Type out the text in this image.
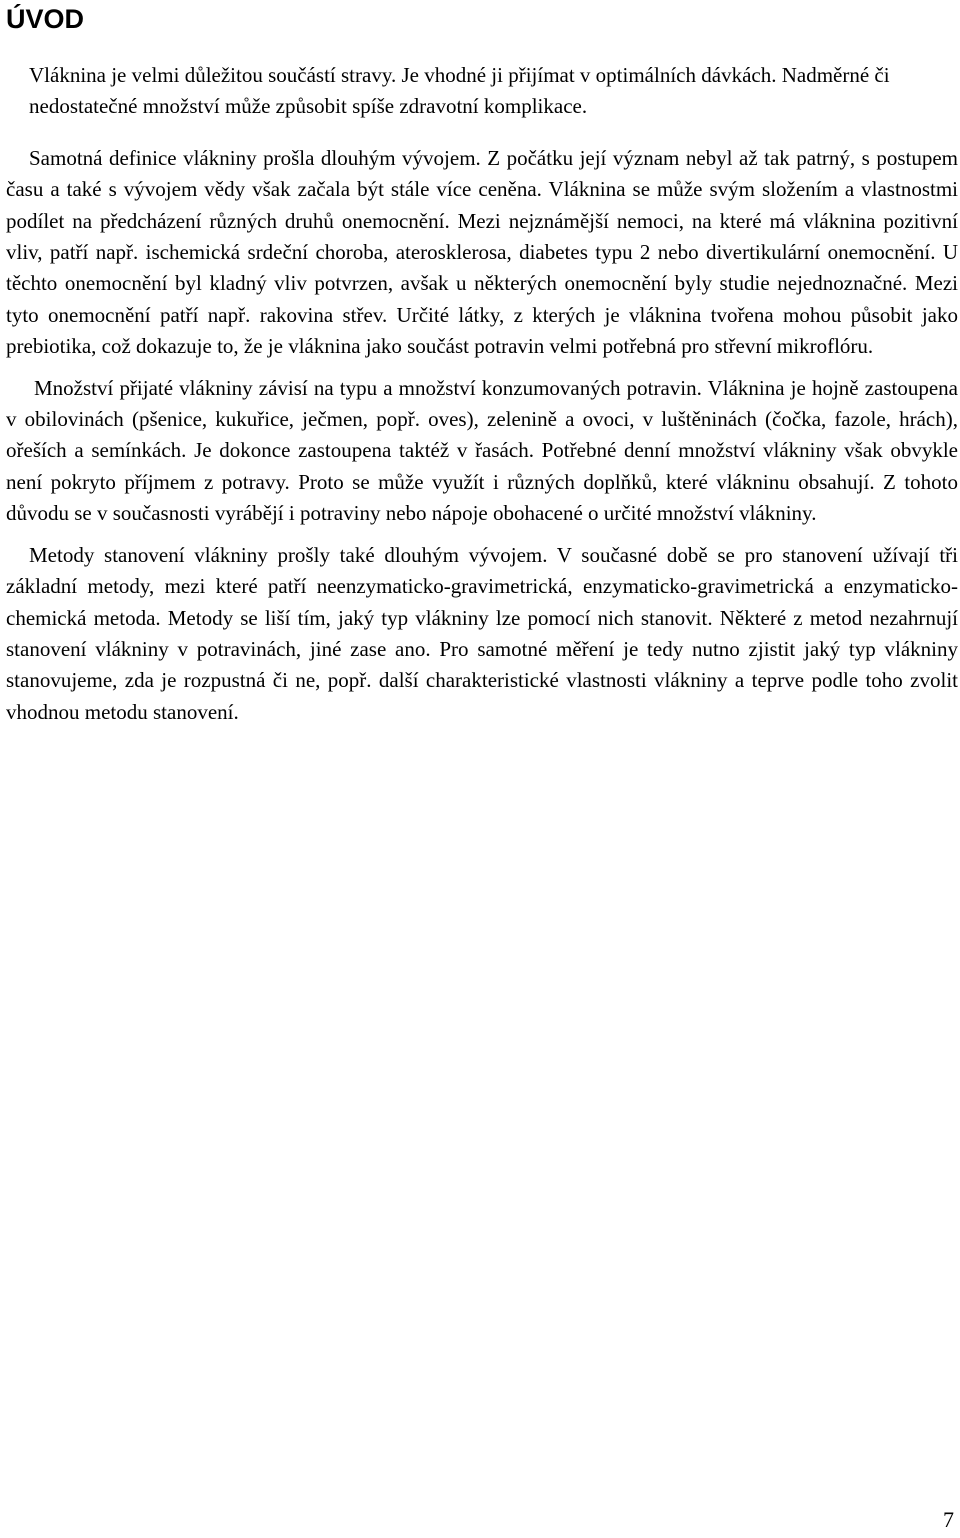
ÚVOD

Vláknina je velmi důležitou součástí stravy. Je vhodné ji přijímat v optimálních dávkách. Nadměrné či nedostatečné množství může způsobit spíše zdravotní komplikace.

Samotná definice vlákniny prošla dlouhým vývojem. Z počátku její význam nebyl až tak patrný, s postupem času a také s vývojem vědy však začala být stále více ceněna. Vláknina se může svým složením a vlastnostmi podílet na předcházení různých druhů onemocnění. Mezi nejznámější nemoci, na které má vláknina pozitivní vliv, patří např. ischemická srdeční choroba, aterosklerosa, diabetes typu 2 nebo divertikulární onemocnění. U těchto onemocnění byl kladný vliv potvrzen, avšak u některých onemocnění byly studie nejednoznačné. Mezi tyto onemocnění patří např. rakovina střev. Určité látky, z kterých je vláknina tvořena mohou působit jako prebiotika, což dokazuje to, že je vláknina jako součást potravin velmi potřebná pro střevní mikroflóru.

Množství přijaté vlákniny závisí na typu a množství konzumovaných potravin. Vláknina je hojně zastoupena v obilovinách (pšenice, kukuřice, ječmen, popř. oves), zelenině a ovoci, v luštěninách (čočka, fazole, hrách), ořeších a semínkách. Je dokonce zastoupena taktéž v řasách. Potřebné denní množství vlákniny však obvykle není pokryto příjmem z potravy. Proto se může využít i různých doplňků, které vlákninu obsahují. Z tohoto důvodu se v současnosti vyrábějí i potraviny nebo nápoje obohacené o určité množství vlákniny.

Metody stanovení vlákniny prošly také dlouhým vývojem. V současné době se pro stanovení užívají tři základní metody, mezi které patří neenzymaticko-gravimetrická, enzymaticko-gravimetrická a enzymaticko-chemická metoda. Metody se liší tím, jaký typ vlákniny lze pomocí nich stanovit. Některé z metod nezahrnují stanovení vlákniny v potravinách, jiné zase ano. Pro samotné měření je tedy nutno zjistit jaký typ vlákniny stanovujeme, zda je rozpustná či ne, popř. další charakteristické vlastnosti vlákniny a teprve podle toho zvolit vhodnou metodu stanovení.

7
